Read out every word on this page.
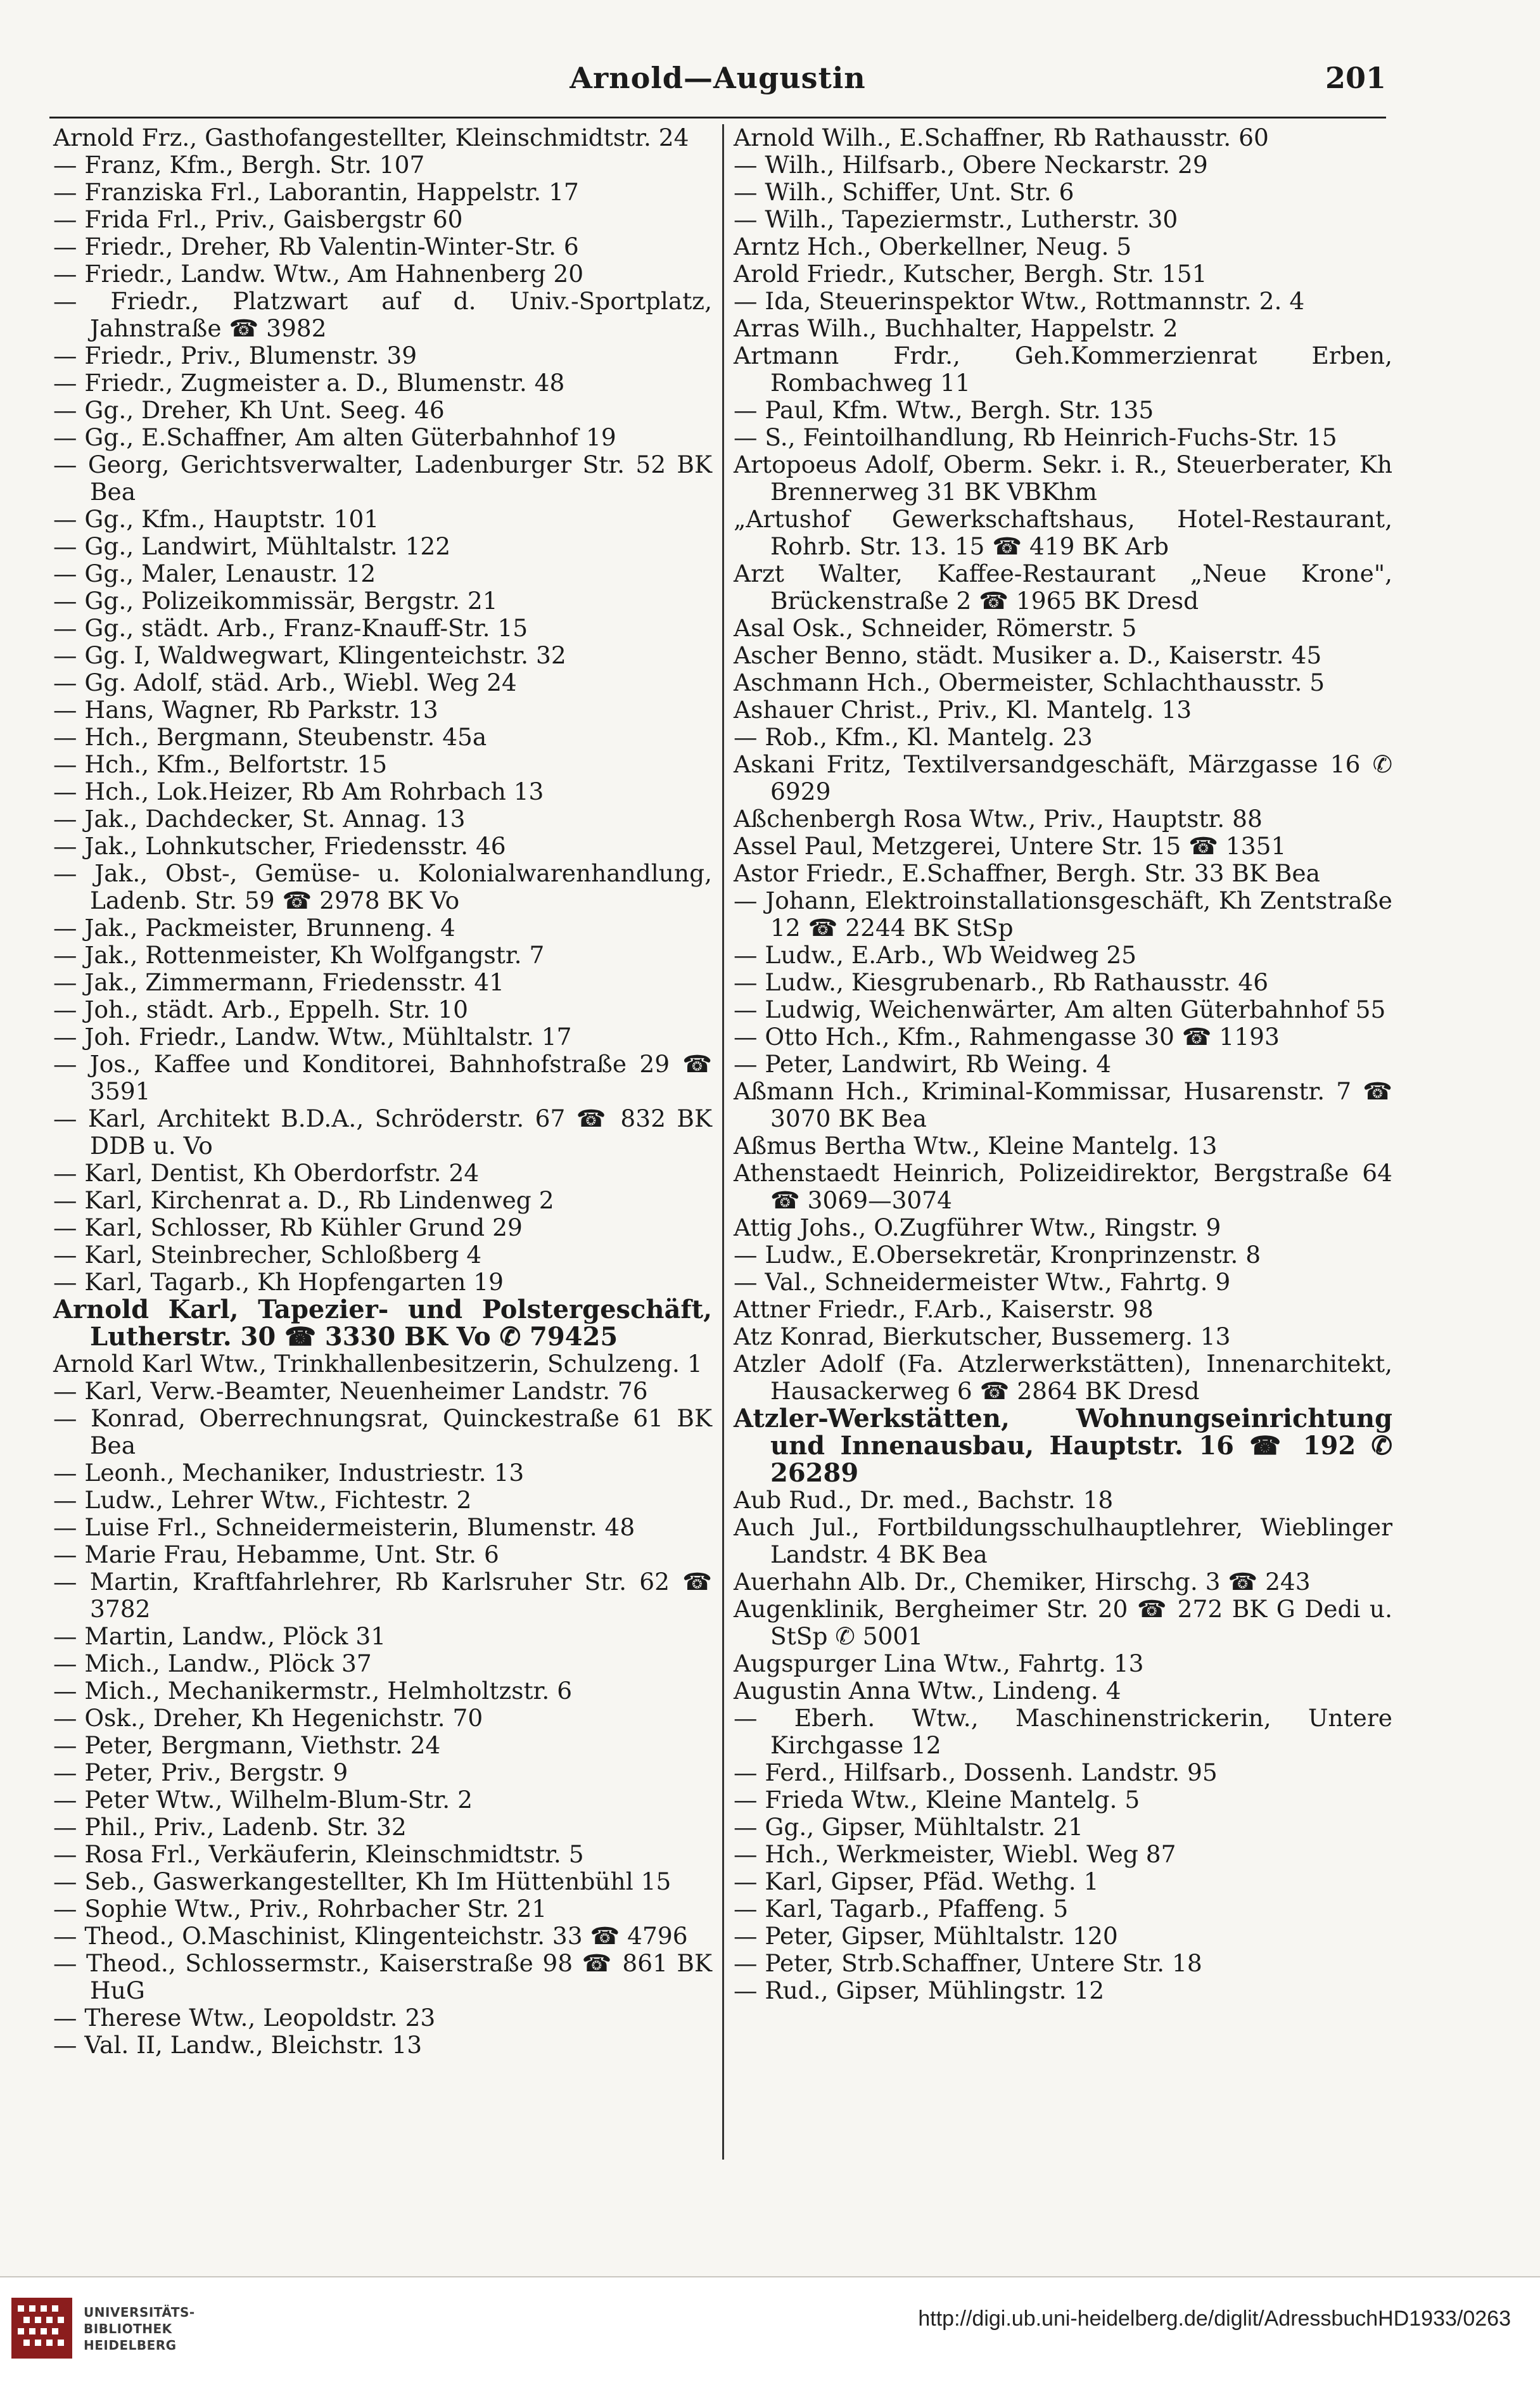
Arnold—Augustin	201
Arnold Frz., Gasthofangestellter, Kleinschmidtstr. 24
— Franz, Kfm., Bergh. Str. 107
— Franziska Frl., Laborantin, Happelstr. 17
— Frida Frl., Priv., Gaisbergstr 60
— Friedr., Dreher, Rb Valentin-Winter-Str. 6
— Friedr., Landw. Wtw., Am Hahnenberg 20
— Friedr., Platzwart auf d. Univ.-Sportplatz, Jahnstraße ☎ 3982
— Friedr., Priv., Blumenstr. 39
— Friedr., Zugmeister a. D., Blumenstr. 48
— Gg., Dreher, Kh Unt. Seeg. 46
— Gg., E.Schaffner, Am alten Güterbahnhof 19
— Georg, Gerichtsverwalter, Ladenburger Str. 52 BK Bea
— Gg., Kfm., Hauptstr. 101
— Gg., Landwirt, Mühltalstr. 122
— Gg., Maler, Lenaustr. 12
— Gg., Polizeikommissär, Bergstr. 21
— Gg., städt. Arb., Franz-Knauff-Str. 15
— Gg. I, Waldwegwart, Klingenteichstr. 32
— Gg. Adolf, städ. Arb., Wiebl. Weg 24
— Hans, Wagner, Rb Parkstr. 13
— Hch., Bergmann, Steubenstr. 45a
— Hch., Kfm., Belfortstr. 15
— Hch., Lok.Heizer, Rb Am Rohrbach 13
— Jak., Dachdecker, St. Annag. 13
— Jak., Lohnkutscher, Friedensstr. 46
— Jak., Obst-, Gemüse- u. Kolonialwarenhandlung, Ladenb. Str. 59 ☎ 2978 BK Vo
— Jak., Packmeister, Brunneng. 4
— Jak., Rottenmeister, Kh Wolfgangstr. 7
— Jak., Zimmermann, Friedensstr. 41
— Joh., städt. Arb., Eppelh. Str. 10
— Joh. Friedr., Landw. Wtw., Mühltalstr. 17
— Jos., Kaffee und Konditorei, Bahnhofstraße 29 ☎ 3591
— Karl, Architekt B.D.A., Schröderstr. 67 ☎ 832 BK DDB u. Vo
— Karl, Dentist, Kh Oberdorfstr. 24
— Karl, Kirchenrat a. D., Rb Lindenweg 2
— Karl, Schlosser, Rb Kühler Grund 29
— Karl, Steinbrecher, Schloßberg 4
— Karl, Tagarb., Kh Hopfengarten 19
Arnold Karl, Tapezier- und Polstergeschäft, Lutherstr. 30 ☎ 3330 BK Vo ✆ 79425
Arnold Karl Wtw., Trinkhallenbesitzerin, Schulzeng. 1
— Karl, Verw.-Beamter, Neuenheimer Landstr. 76
— Konrad, Oberrechnungsrat, Quinckestraße 61 BK Bea
— Leonh., Mechaniker, Industriestr. 13
— Ludw., Lehrer Wtw., Fichtestr. 2
— Luise Frl., Schneidermeisterin, Blumenstr. 48
— Marie Frau, Hebamme, Unt. Str. 6
— Martin, Kraftfahrlehrer, Rb Karlsruher Str. 62 ☎ 3782
— Martin, Landw., Plöck 31
— Mich., Landw., Plöck 37
— Mich., Mechanikermstr., Helmholtzstr. 6
— Osk., Dreher, Kh Hegenichstr. 70
— Peter, Bergmann, Viethstr. 24
— Peter, Priv., Bergstr. 9
— Peter Wtw., Wilhelm-Blum-Str. 2
— Phil., Priv., Ladenb. Str. 32
— Rosa Frl., Verkäuferin, Kleinschmidtstr. 5
— Seb., Gaswerkangestellter, Kh Im Hüttenbühl 15
— Sophie Wtw., Priv., Rohrbacher Str. 21
— Theod., O.Maschinist, Klingenteichstr. 33 ☎ 4796
— Theod., Schlossermstr., Kaiserstraße 98 ☎ 861 BK HuG
— Therese Wtw., Leopoldstr. 23
— Val. II, Landw., Bleichstr. 13
Arnold Wilh., E.Schaffner, Rb Rathausstr. 60
— Wilh., Hilfsarb., Obere Neckarstr. 29
— Wilh., Schiffer, Unt. Str. 6
— Wilh., Tapeziermstr., Lutherstr. 30
Arntz Hch., Oberkellner, Neug. 5
Arold Friedr., Kutscher, Bergh. Str. 151
— Ida, Steuerinspektor Wtw., Rottmannstr. 2. 4
Arras Wilh., Buchhalter, Happelstr. 2
Artmann Frdr., Geh.Kommerzienrat Erben, Rombachweg 11
— Paul, Kfm. Wtw., Bergh. Str. 135
— S., Feintoilhandlung, Rb Heinrich-Fuchs-Str. 15
Artopoeus Adolf, Oberm. Sekr. i. R., Steuerberater, Kh Brennerweg 31 BK VBKhm
„Artushof Gewerkschaftshaus, Hotel-Restaurant, Rohrb. Str. 13. 15 ☎ 419 BK Arb
Arzt Walter, Kaffee-Restaurant „Neue Krone", Brückenstraße 2 ☎ 1965 BK Dresd
Asal Osk., Schneider, Römerstr. 5
Ascher Benno, städt. Musiker a. D., Kaiserstr. 45
Aschmann Hch., Obermeister, Schlachthausstr. 5
Ashauer Christ., Priv., Kl. Mantelg. 13
— Rob., Kfm., Kl. Mantelg. 23
Askani Fritz, Textilversandgeschäft, Märzgasse 16 ✆ 6929
Aßchenbergh Rosa Wtw., Priv., Hauptstr. 88
Assel Paul, Metzgerei, Untere Str. 15 ☎ 1351
Astor Friedr., E.Schaffner, Bergh. Str. 33 BK Bea
— Johann, Elektroinstallationsgeschäft, Kh Zentstraße 12 ☎ 2244 BK StSp
— Ludw., E.Arb., Wb Weidweg 25
— Ludw., Kiesgrubenarb., Rb Rathausstr. 46
— Ludwig, Weichenwärter, Am alten Güterbahnhof 55
— Otto Hch., Kfm., Rahmengasse 30 ☎ 1193
— Peter, Landwirt, Rb Weing. 4
Aßmann Hch., Kriminal-Kommissar, Husarenstr. 7 ☎ 3070 BK Bea
Aßmus Bertha Wtw., Kleine Mantelg. 13
Athenstaedt Heinrich, Polizeidirektor, Bergstraße 64 ☎ 3069—3074
Attig Johs., O.Zugführer Wtw., Ringstr. 9
— Ludw., E.Obersekretär, Kronprinzenstr. 8
— Val., Schneidermeister Wtw., Fahrtg. 9
Attner Friedr., F.Arb., Kaiserstr. 98
Atz Konrad, Bierkutscher, Bussemerg. 13
Atzler Adolf (Fa. Atzlerwerkstätten), Innenarchitekt, Hausackerweg 6 ☎ 2864 BK Dresd
Atzler-Werkstätten, Wohnungseinrichtung und Innenausbau, Hauptstr. 16 ☎ 192 ✆ 26289
Aub Rud., Dr. med., Bachstr. 18
Auch Jul., Fortbildungsschulhauptlehrer, Wieblinger Landstr. 4 BK Bea
Auerhahn Alb. Dr., Chemiker, Hirschg. 3 ☎ 243
Augenklinik, Bergheimer Str. 20 ☎ 272 BK G Dedi u. StSp ✆ 5001
Augspurger Lina Wtw., Fahrtg. 13
Augustin Anna Wtw., Lindeng. 4
— Eberh. Wtw., Maschinenstrickerin, Untere Kirchgasse 12
— Ferd., Hilfsarb., Dossenh. Landstr. 95
— Frieda Wtw., Kleine Mantelg. 5
— Gg., Gipser, Mühltalstr. 21
— Hch., Werkmeister, Wiebl. Weg 87
— Karl, Gipser, Pfäd. Wethg. 1
— Karl, Tagarb., Pfaffeng. 5
— Peter, Gipser, Mühltalstr. 120
— Peter, Strb.Schaffner, Untere Str. 18
— Rud., Gipser, Mühlingstr. 12
UNIVERSITÄTS-
BIBLIOTHEK
HEIDELBERG
http://digi.ub.uni-heidelberg.de/diglit/AdressbuchHD1933/0263
